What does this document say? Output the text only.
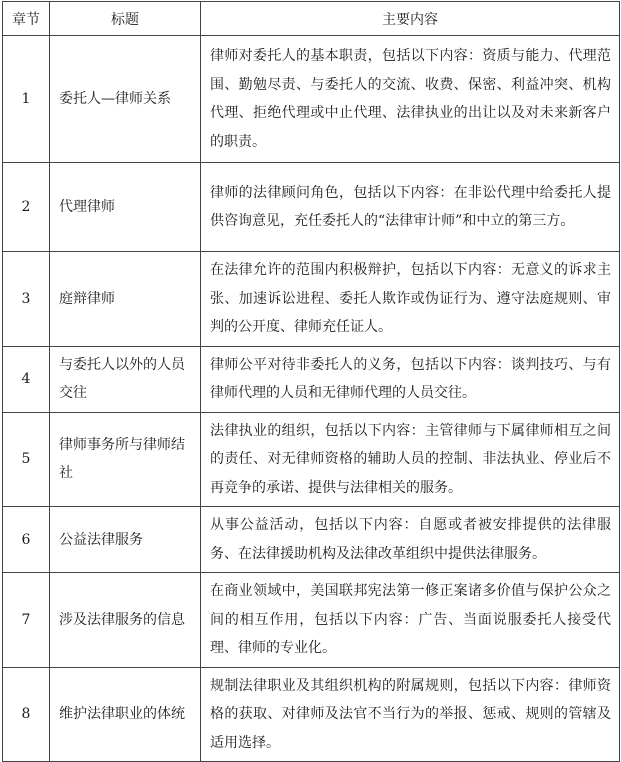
章节	标题	主要内容
1	委托人—律师关系	律师对委托人的基本职责，包括以下内容：资质与能力、代理范围、勤勉尽责、与委托人的交流、收费、保密、利益冲突、机构代理、拒绝代理或中止代理、法律执业的出让以及对未来新客户的职责。
2	代理律师	律师的法律顾问角色，包括以下内容：在非讼代理中给委托人提供咨询意见，充任委托人的“法律审计师”和中立的第三方。
3	庭辩律师	在法律允许的范围内积极辩护，包括以下内容：无意义的诉求主张、加速诉讼进程、委托人欺诈或伪证行为、遵守法庭规则、审判的公开度、律师充任证人。
4	与委托人以外的人员交往	律师公平对待非委托人的义务，包括以下内容：谈判技巧、与有律师代理的人员和无律师代理的人员交往。
5	律师事务所与律师结社	法律执业的组织，包括以下内容：主管律师与下属律师相互之间的责任、对无律师资格的辅助人员的控制、非法执业、停业后不再竞争的承诺、提供与法律相关的服务。
6	公益法律服务	从事公益活动，包括以下内容：自愿或者被安排提供的法律服务、在法律援助机构及法律改革组织中提供法律服务。
7	涉及法律服务的信息	在商业领域中，美国联邦宪法第一修正案诸多价值与保护公众之间的相互作用，包括以下内容：广告、当面说服委托人接受代理、律师的专业化。
8	维护法律职业的体统	规制法律职业及其组织机构的附属规则，包括以下内容：律师资格的获取、对律师及法官不当行为的举报、惩戒、规则的管辖及适用选择。
